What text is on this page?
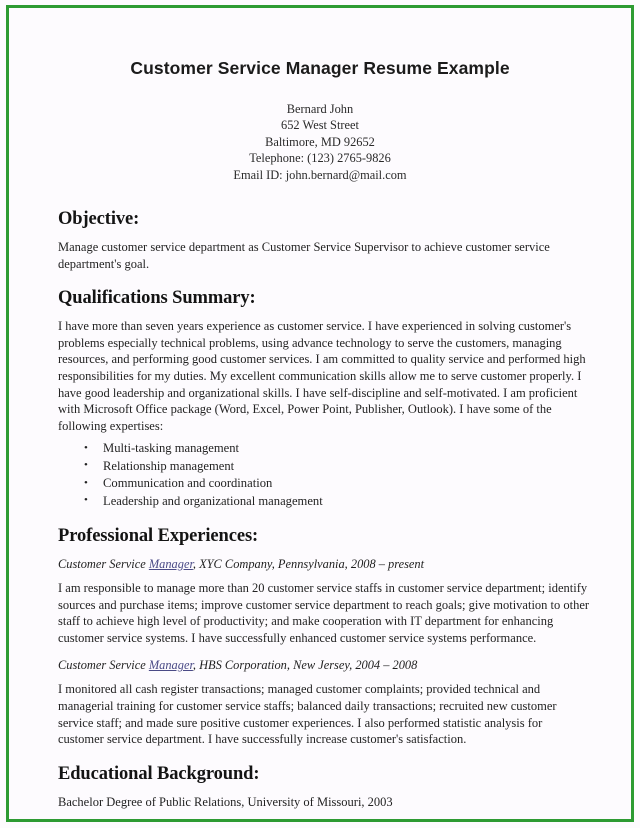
Customer Service Manager Resume Example
Bernard John
652 West Street
Baltimore, MD 92652
Telephone: (123) 2765-9826
Email ID: john.bernard@mail.com
Objective:

Manage customer service department as Customer Service Supervisor to achieve customer service department's goal.

Qualifications Summary:

I have more than seven years experience as customer service. I have experienced in solving customer's problems especially technical problems, using advance technology to serve the customers, managing resources, and performing good customer services. I am committed to quality service and performed high responsibilities for my duties. My excellent communication skills allow me to serve customer properly. I have good leadership and organizational skills. I have self-discipline and self-motivated. I am proficient with Microsoft Office package (Word, Excel, Power Point, Publisher, Outlook). I have some of the following expertises:

• Multi-tasking management
• Relationship management
• Communication and coordination
• Leadership and organizational management
Professional Experiences:

Customer Service Manager, XYC Company, Pennsylvania, 2008 – present

I am responsible to manage more than 20 customer service staffs in customer service department; identify sources and purchase items; improve customer service department to reach goals; give motivation to other staff to achieve high level of productivity; and make cooperation with IT department for enhancing customer service systems. I have successfully enhanced customer service systems performance.

Customer Service Manager, HBS Corporation, New Jersey, 2004 – 2008

I monitored all cash register transactions; managed customer complaints; provided technical and managerial training for customer service staffs; balanced daily transactions; recruited new customer service staff; and made sure positive customer experiences. I also performed statistic analysis for customer service department. I have successfully increase customer's satisfaction.

Educational Background:

Bachelor Degree of Public Relations, University of Missouri, 2003
